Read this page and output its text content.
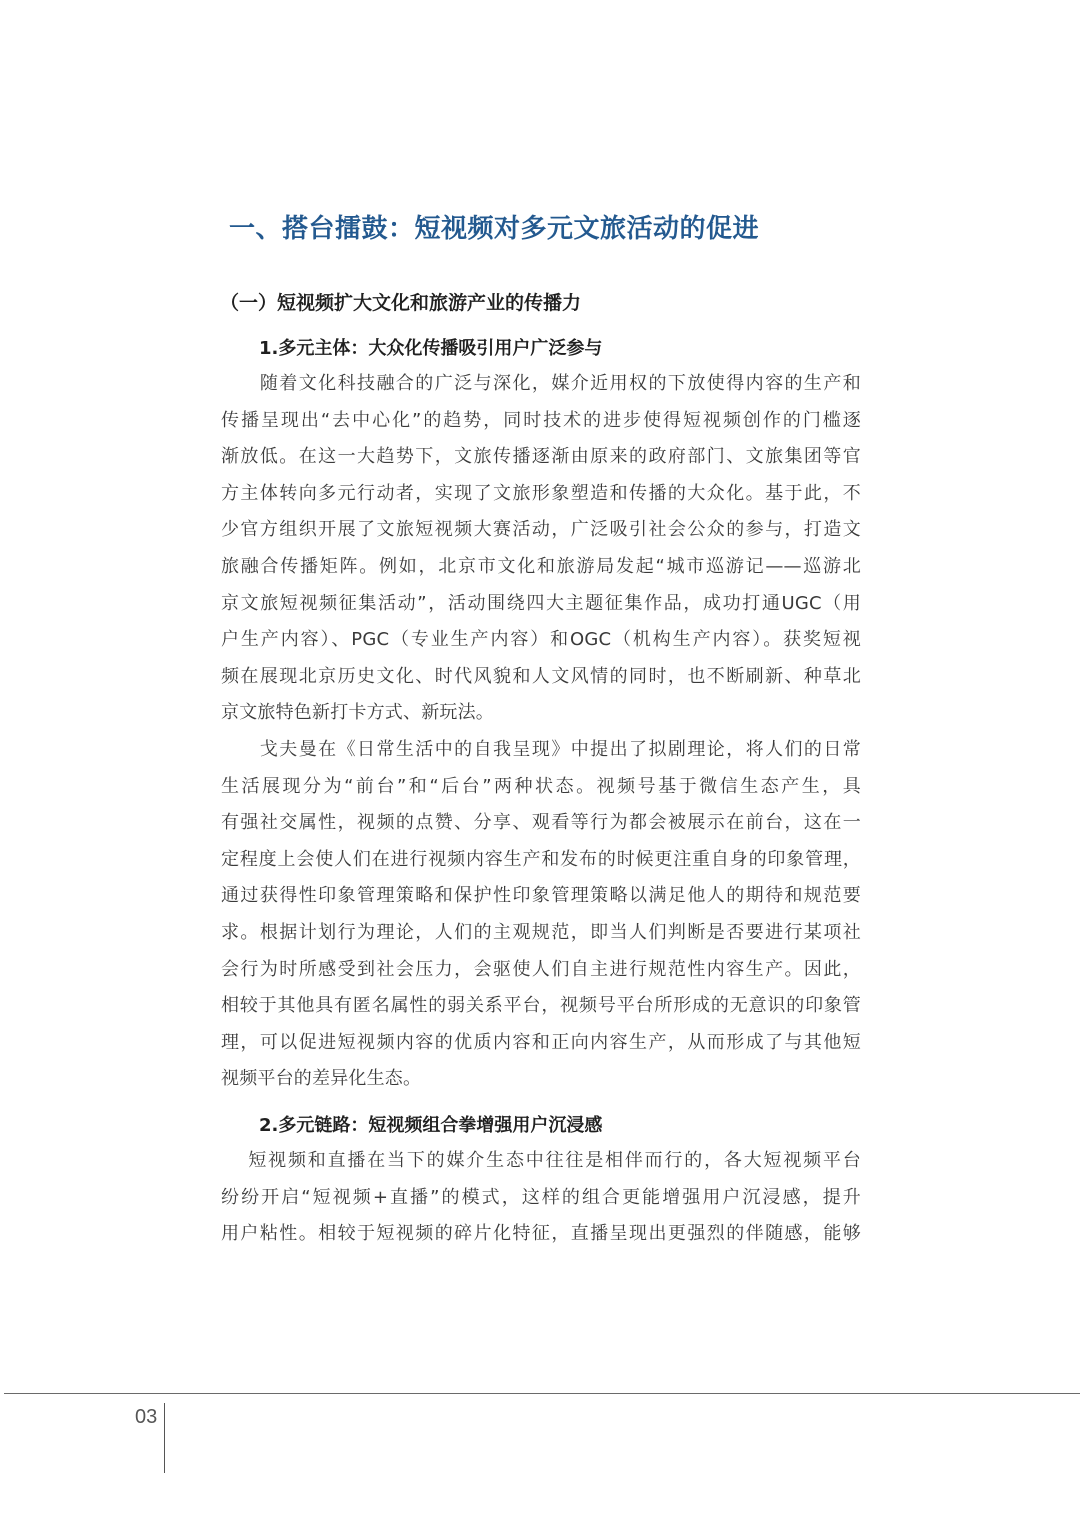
一、搭台擂鼓：短视频对多元文旅活动的促进
（一）短视频扩大文化和旅游产业的传播力
1.多元主体：大众化传播吸引用户广泛参与
　　随着文化科技融合的广泛与深化，媒介近用权的下放使得内容的生产和
传播呈现出“去中心化”的趋势，同时技术的进步使得短视频创作的门槛逐
渐放低。在这一大趋势下，文旅传播逐渐由原来的政府部门、文旅集团等官
方主体转向多元行动者，实现了文旅形象塑造和传播的大众化。基于此，不
少官方组织开展了文旅短视频大赛活动，广泛吸引社会公众的参与，打造文
旅融合传播矩阵。例如，北京市文化和旅游局发起“城市巡游记——巡游北
京文旅短视频征集活动”，活动围绕四大主题征集作品，成功打通UGC（用
户生产内容）、PGC（专业生产内容）和OGC（机构生产内容）。获奖短视
频在展现北京历史文化、时代风貌和人文风情的同时，也不断刷新、种草北
京文旅特色新打卡方式、新玩法。
　　戈夫曼在《日常生活中的自我呈现》中提出了拟剧理论，将人们的日常
生活展现分为“前台”和“后台”两种状态。视频号基于微信生态产生，具
有强社交属性，视频的点赞、分享、观看等行为都会被展示在前台，这在一
定程度上会使人们在进行视频内容生产和发布的时候更注重自身的印象管理，
通过获得性印象管理策略和保护性印象管理策略以满足他人的期待和规范要
求。根据计划行为理论，人们的主观规范，即当人们判断是否要进行某项社
会行为时所感受到社会压力，会驱使人们自主进行规范性内容生产。因此，
相较于其他具有匿名属性的弱关系平台，视频号平台所形成的无意识的印象管
理，可以促进短视频内容的优质内容和正向内容生产，从而形成了与其他短
视频平台的差异化生态。
2.多元链路：短视频组合拳增强用户沉浸感
　 短视频和直播在当下的媒介生态中往往是相伴而行的，各大短视频平台
纷纷开启“短视频+直播”的模式，这样的组合更能增强用户沉浸感，提升
用户粘性。相较于短视频的碎片化特征，直播呈现出更强烈的伴随感，能够
03
